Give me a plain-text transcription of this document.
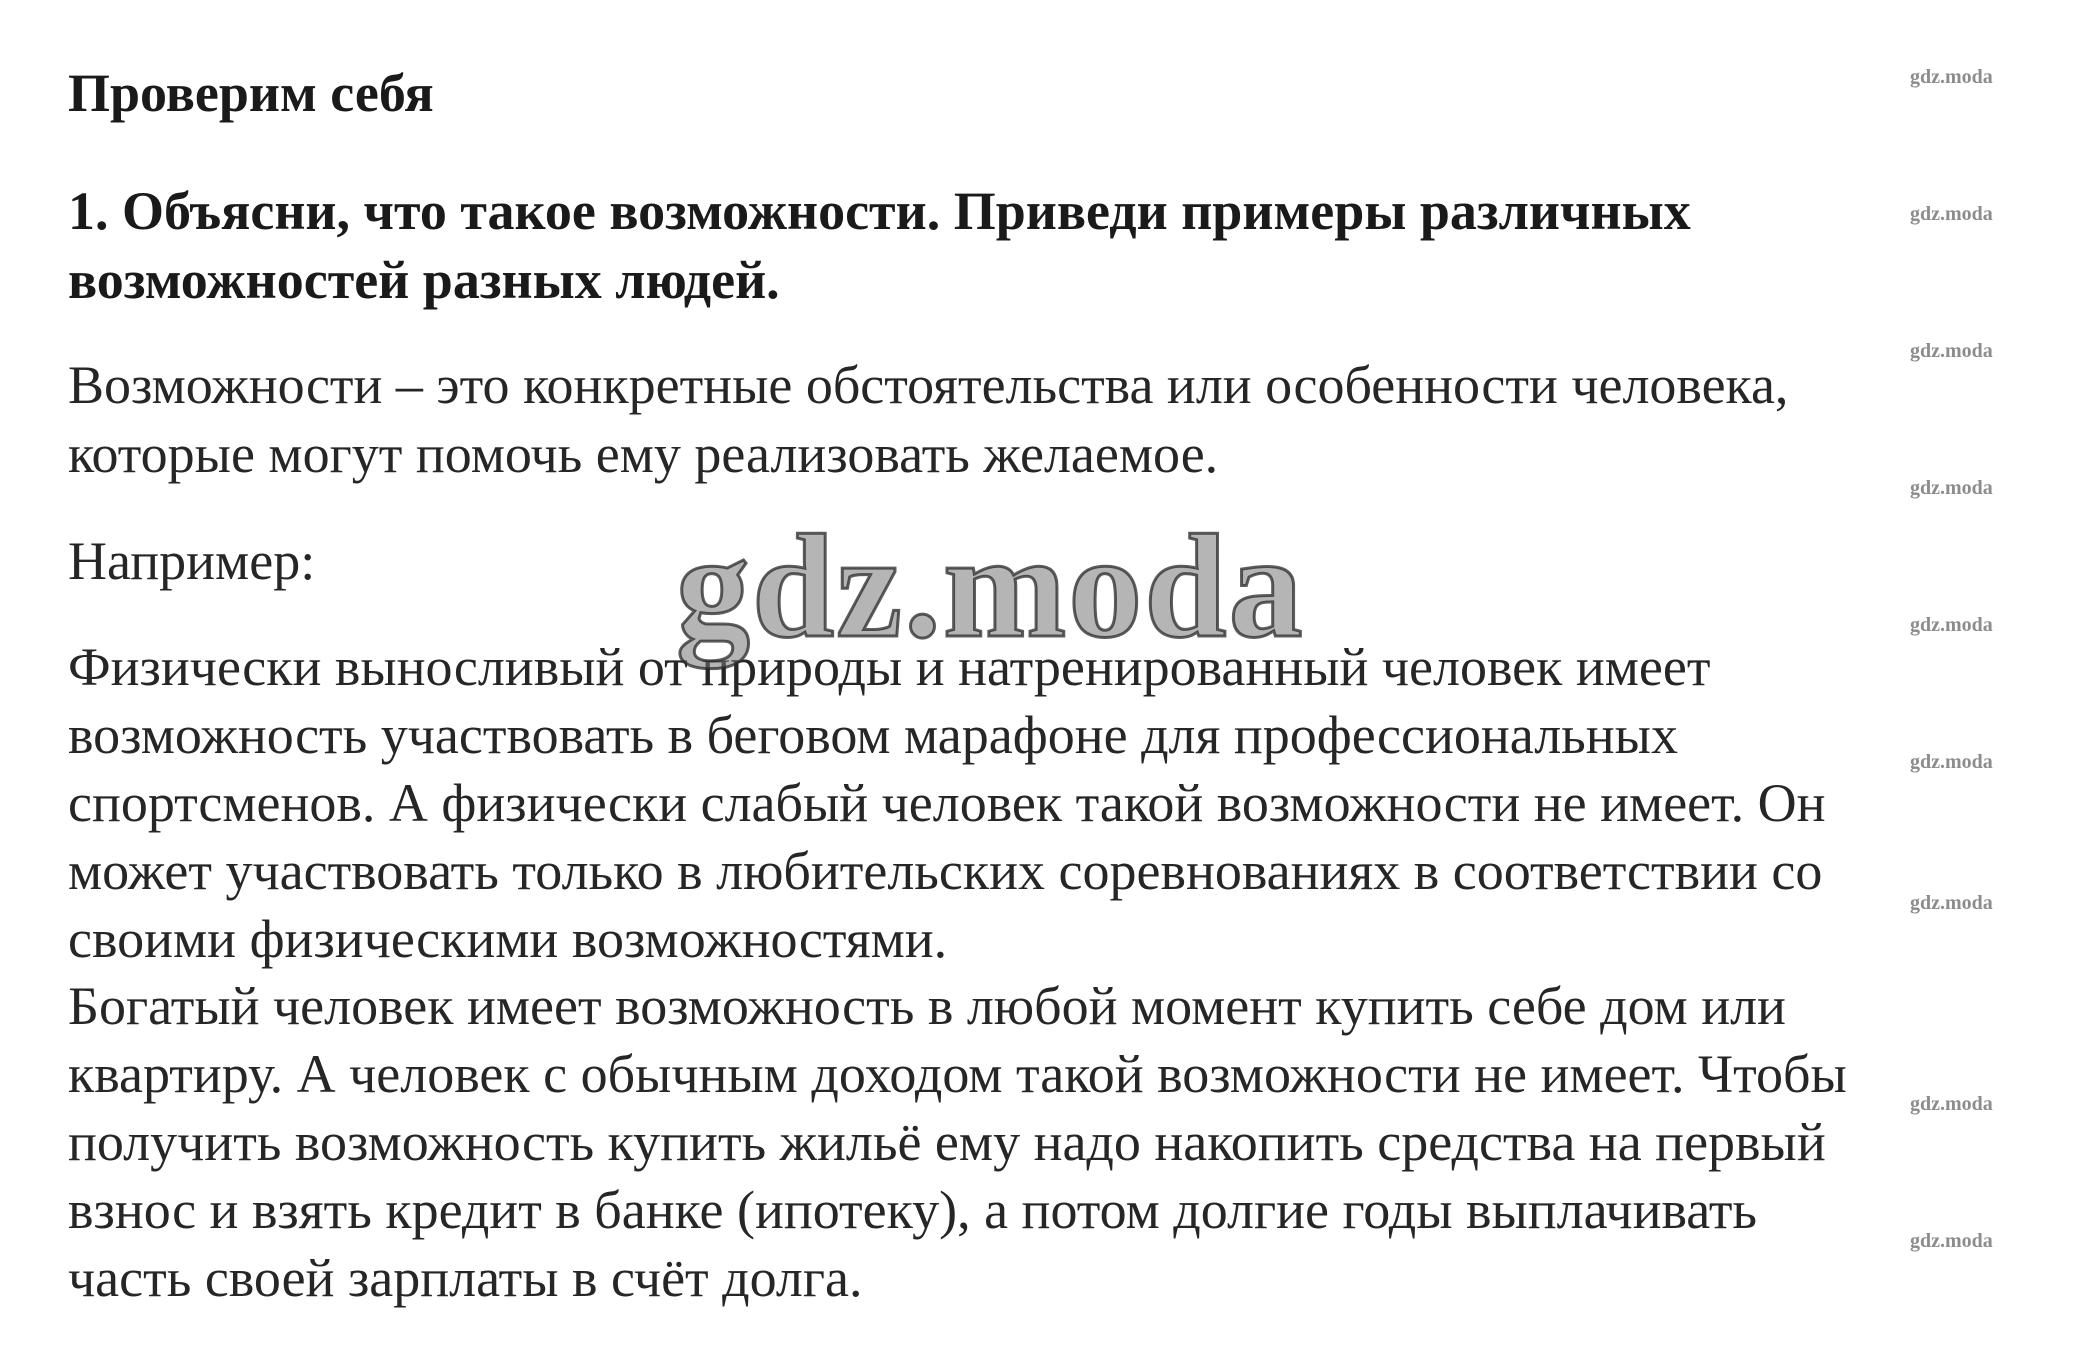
Проверим себя
1. Объясни, что такое возможности. Приведи примеры различных
возможностей разных людей.
Возможности – это конкретные обстоятельства или особенности человека,
которые могут помочь ему реализовать желаемое.
Например:
Физически выносливый от природы и натренированный человек имеет
возможность участвовать в беговом марафоне для профессиональных
спортсменов. А физически слабый человек такой возможности не имеет. Он
может участвовать только в любительских соревнованиях в соответствии со
своими физическими возможностями.
Богатый человек имеет возможность в любой момент купить себе дом или
квартиру. А человек с обычным доходом такой возможности не имеет. Чтобы
получить возможность купить жильё ему надо накопить средства на первый
взнос и взять кредит в банке (ипотеку), а потом долгие годы выплачивать
часть своей зарплаты в счёт долга.
gdz.moda
gdz.moda
gdz.moda
gdz.moda
gdz.moda
gdz.moda
gdz.moda
gdz.moda
gdz.moda
gdz.moda
